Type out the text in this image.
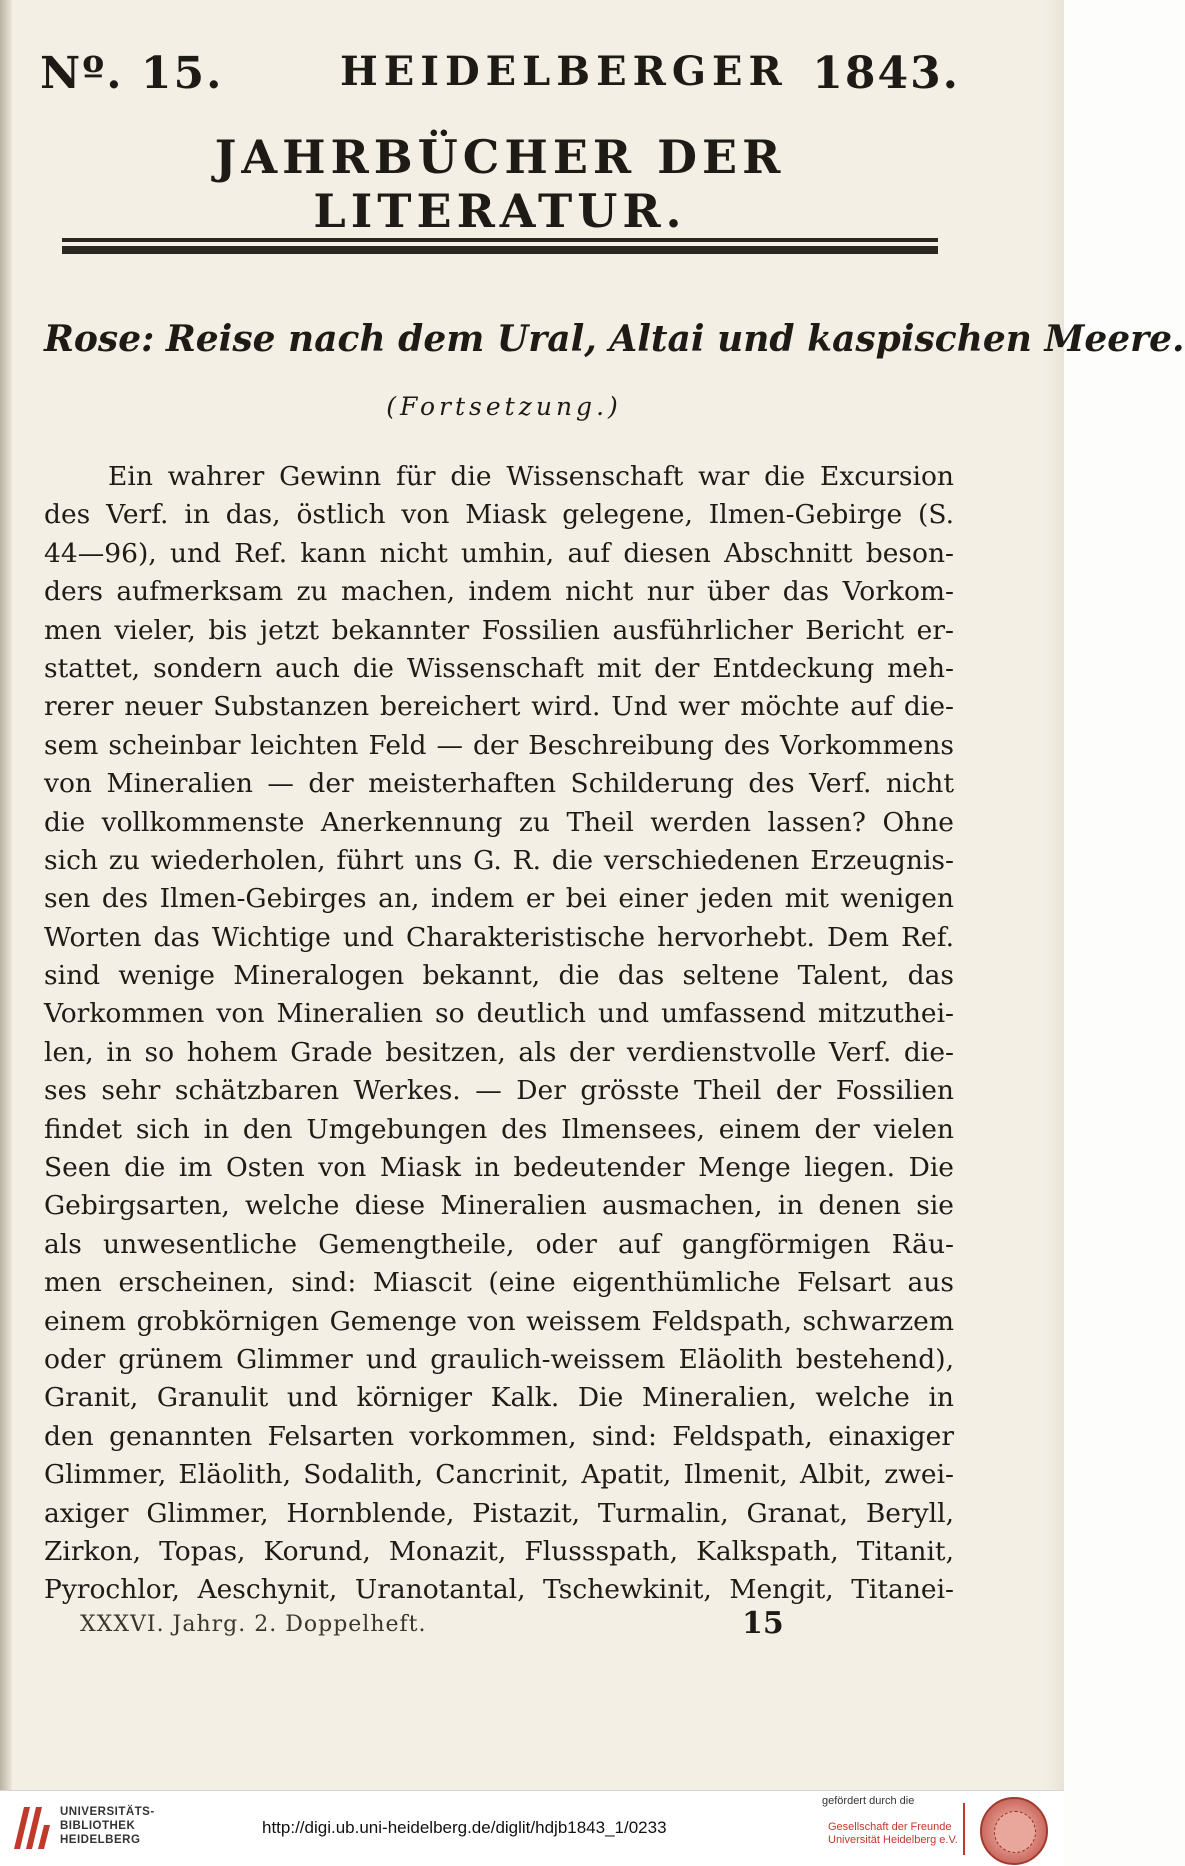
Nº. 15.	HEIDELBERGER 1843.
JAHRBÜCHER DER LITERATUR.
Rose: Reise nach dem Ural, Altai und kaspischen Meere.
(Fortsetzung.)
Ein wahrer Gewinn für die Wissenschaft war die Excursion
des Verf. in das, östlich von Miask gelegene, Ilmen-Gebirge (S.
44—96), und Ref. kann nicht umhin, auf diesen Abschnitt beson-
ders aufmerksam zu machen, indem nicht nur über das Vorkom-
men vieler, bis jetzt bekannter Fossilien ausführlicher Bericht er-
stattet, sondern auch die Wissenschaft mit der Entdeckung meh-
rerer neuer Substanzen bereichert wird. Und wer möchte auf die-
sem scheinbar leichten Feld — der Beschreibung des Vorkommens
von Mineralien — der meisterhaften Schilderung des Verf. nicht
die vollkommenste Anerkennung zu Theil werden lassen? Ohne
sich zu wiederholen, führt uns G. R. die verschiedenen Erzeugnis-
sen des Ilmen-Gebirges an, indem er bei einer jeden mit wenigen
Worten das Wichtige und Charakteristische hervorhebt. Dem Ref.
sind wenige Mineralogen bekannt, die das seltene Talent, das
Vorkommen von Mineralien so deutlich und umfassend mitzuthei-
len, in so hohem Grade besitzen, als der verdienstvolle Verf. die-
ses sehr schätzbaren Werkes. — Der grösste Theil der Fossilien
findet sich in den Umgebungen des Ilmensees, einem der vielen
Seen die im Osten von Miask in bedeutender Menge liegen. Die
Gebirgsarten, welche diese Mineralien ausmachen, in denen sie
als unwesentliche Gemengtheile, oder auf gangförmigen Räu-
men erscheinen, sind: Miascit (eine eigenthümliche Felsart aus
einem grobkörnigen Gemenge von weissem Feldspath, schwarzem
oder grünem Glimmer und graulich-weissem Eläolith bestehend),
Granit, Granulit und körniger Kalk. Die Mineralien, welche in
den genannten Felsarten vorkommen, sind: Feldspath, einaxiger
Glimmer, Eläolith, Sodalith, Cancrinit, Apatit, Ilmenit, Albit, zwei-
axiger Glimmer, Hornblende, Pistazit, Turmalin, Granat, Beryll,
Zirkon, Topas, Korund, Monazit, Flussspath, Kalkspath, Titanit,
Pyrochlor, Aeschynit, Uranotantal, Tschewkinit, Mengit, Titanei-
XXXVI. Jahrg. 2. Doppelheft.	15
UNIVERSITÄTS-
BIBLIOTHEK
HEIDELBERG
http://digi.ub.uni-heidelberg.de/diglit/hdjb1843_1/0233
gefördert durch die
Gesellschaft der Freunde
Universität Heidelberg e.V.
